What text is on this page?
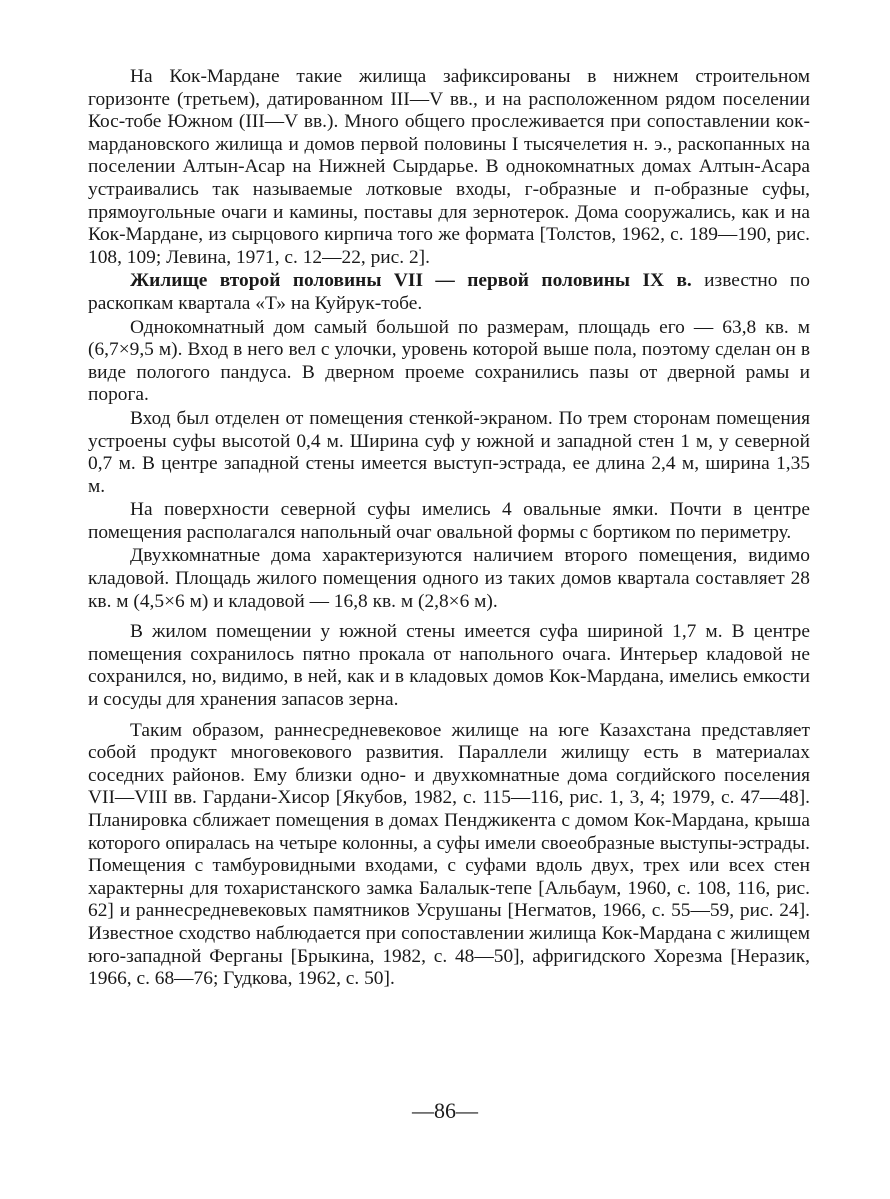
На Кок-Мардане такие жилища зафиксированы в нижнем строительном горизонте (третьем), датированном III—V вв., и на расположенном рядом поселении Кос-тобе Южном (III—V вв.). Много общего прослеживается при сопоставлении кок-мардановского жилища и домов первой половины I тысячелетия н. э., раскопанных на поселении Алтын-Асар на Нижней Сырдарье. В однокомнатных домах Алтын-Асара устраивались так называемые лотковые входы, г-образные и п-образные суфы, прямоугольные очаги и камины, поставы для зернотерок. Дома сооружались, как и на Кок-Мардане, из сырцового кирпича того же формата [Толстов, 1962, с. 189—190, рис. 108, 109; Левина, 1971, с. 12—22, рис. 2].

Жилище второй половины VII — первой половины IX в. известно по раскопкам квартала «Т» на Куйрук-тобе.

Однокомнатный дом самый большой по размерам, площадь его — 63,8 кв. м (6,7×9,5 м). Вход в него вел с улочки, уровень которой выше пола, поэтому сделан он в виде пологого пандуса. В дверном проеме сохранились пазы от дверной рамы и порога.

Вход был отделен от помещения стенкой-экраном. По трем сторонам помещения устроены суфы высотой 0,4 м. Ширина суф у южной и западной стен 1 м, у северной 0,7 м. В центре западной стены имеется выступ-эстрада, ее длина 2,4 м, ширина 1,35 м.

На поверхности северной суфы имелись 4 овальные ямки. Почти в центре помещения располагался напольный очаг овальной формы с бортиком по периметру.

Двухкомнатные дома характеризуются наличием второго помещения, видимо кладовой. Площадь жилого помещения одного из таких домов квартала составляет 28 кв. м (4,5×6 м) и кладовой — 16,8 кв. м (2,8×6 м).

В жилом помещении у южной стены имеется суфа шириной 1,7 м. В центре помещения сохранилось пятно прокала от напольного очага. Интерьер кладовой не сохранился, но, видимо, в ней, как и в кладовых домов Кок-Мардана, имелись емкости и сосуды для хранения запасов зерна.

Таким образом, раннесредневековое жилище на юге Казахстана представляет собой продукт многовекового развития. Параллели жилищу есть в материалах соседних районов. Ему близки одно- и двухкомнатные дома согдийского поселения VII—VIII вв. Гардани-Хисор [Якубов, 1982, с. 115—116, рис. 1, 3, 4; 1979, с. 47—48]. Планировка сближает помещения в домах Пенджикента с домом Кок-Мардана, крыша которого опиралась на четыре колонны, а суфы имели своеобразные выступы-эстрады. Помещения с тамбуровидными входами, с суфами вдоль двух, трех или всех стен характерны для тохаристанского замка Балалык-тепе [Альбаум, 1960, с. 108, 116, рис. 62] и раннесредневековых памятников Усрушаны [Негматов, 1966, с. 55—59, рис. 24]. Известное сходство наблюдается при сопоставлении жилища Кок-Мардана с жилищем юго-западной Ферганы [Брыкина, 1982, с. 48—50], афригидского Хорезма [Неразик, 1966, с. 68—76; Гудкова, 1962, с. 50].

—86—
